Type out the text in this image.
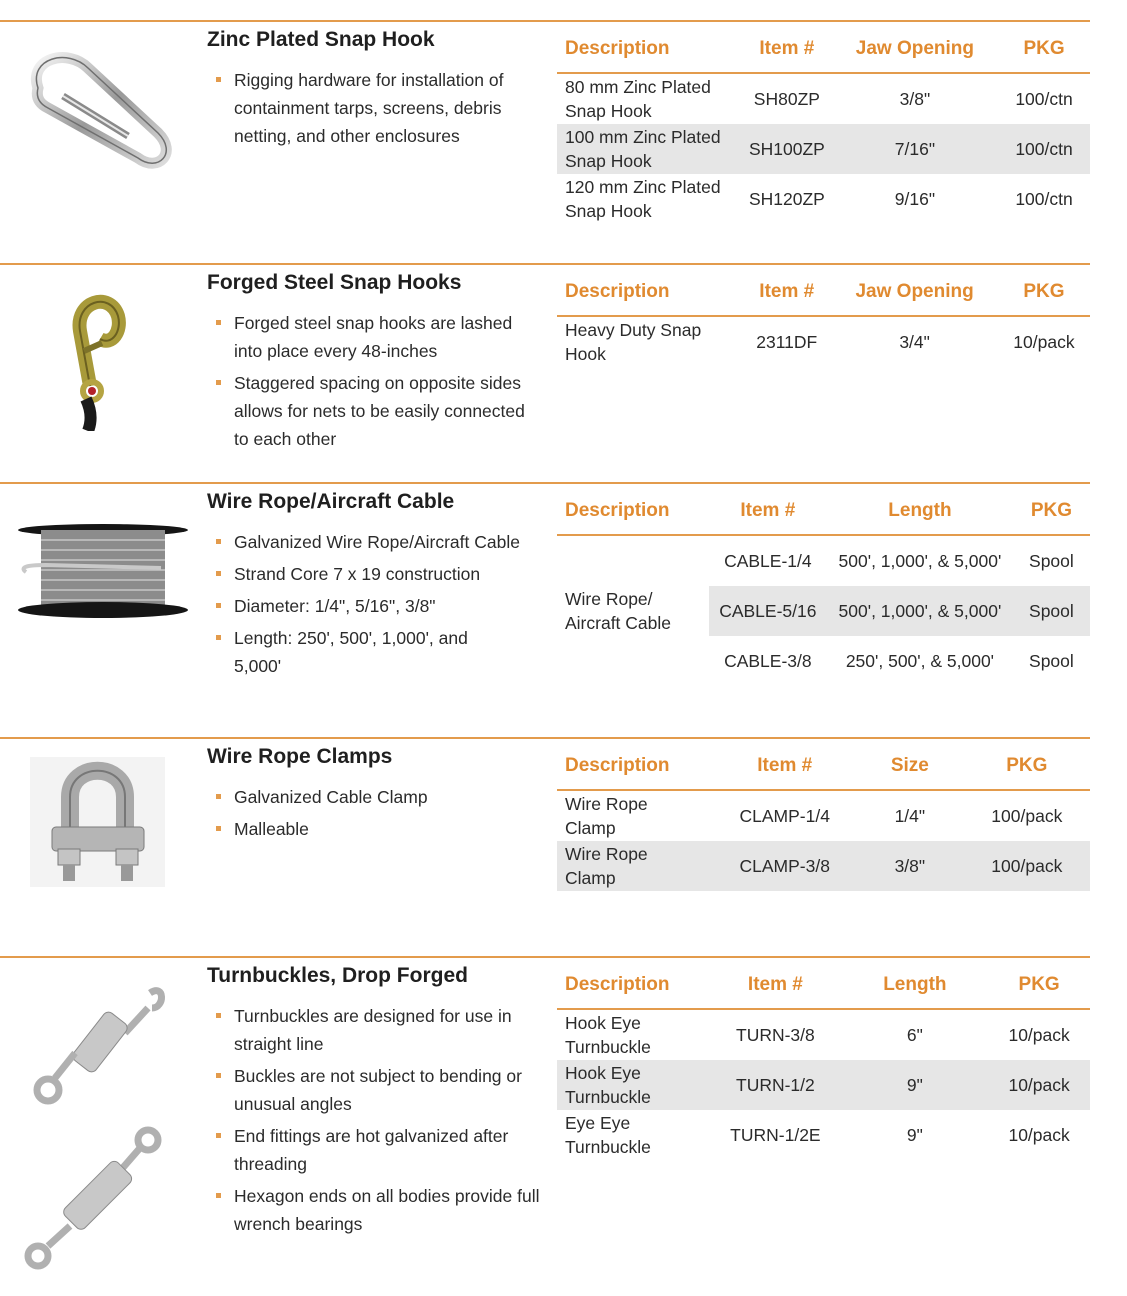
Zinc Plated Snap Hook
Rigging hardware for installation of containment tarps, screens, debris netting, and other enclosures
Description	Item #	Jaw Opening	PKG
80 mm Zinc Plated Snap Hook	SH80ZP	3/8"	100/ctn
100 mm Zinc Plated Snap Hook	SH100ZP	7/16"	100/ctn
120 mm Zinc Plated Snap Hook	SH120ZP	9/16"	100/ctn
Forged Steel Snap Hooks
Forged steel snap hooks are lashed into place every 48-inches
Staggered spacing on opposite sides allows for nets to be easily connected to each other
Description	Item #	Jaw Opening	PKG
Heavy Duty Snap Hook	2311DF	3/4"	10/pack
Wire Rope/Aircraft Cable
Galvanized Wire Rope/Aircraft Cable
Strand Core 7 x 19 construction
Diameter: 1/4", 5/16", 3/8"
Length: 250', 500', 1,000', and 5,000'
Description	Item #	Length	PKG
Wire Rope/ Aircraft Cable	CABLE-1/4	500', 1,000', & 5,000'	Spool
	CABLE-5/16	500', 1,000', & 5,000'	Spool
	CABLE-3/8	250', 500', & 5,000'	Spool
Wire Rope Clamps
Galvanized Cable Clamp
Malleable
Description	Item #	Size	PKG
Wire Rope Clamp	CLAMP-1/4	1/4"	100/pack
Wire Rope Clamp	CLAMP-3/8	3/8"	100/pack
Turnbuckles, Drop Forged
Turnbuckles are designed for use in straight line
Buckles are not subject to bending or unusual angles
End fittings are hot galvanized after threading
Hexagon ends on all bodies provide full wrench bearings
Description	Item #	Length	PKG
Hook Eye Turnbuckle	TURN-3/8	6"	10/pack
Hook Eye Turnbuckle	TURN-1/2	9"	10/pack
Eye Eye Turnbuckle	TURN-1/2E	9"	10/pack
